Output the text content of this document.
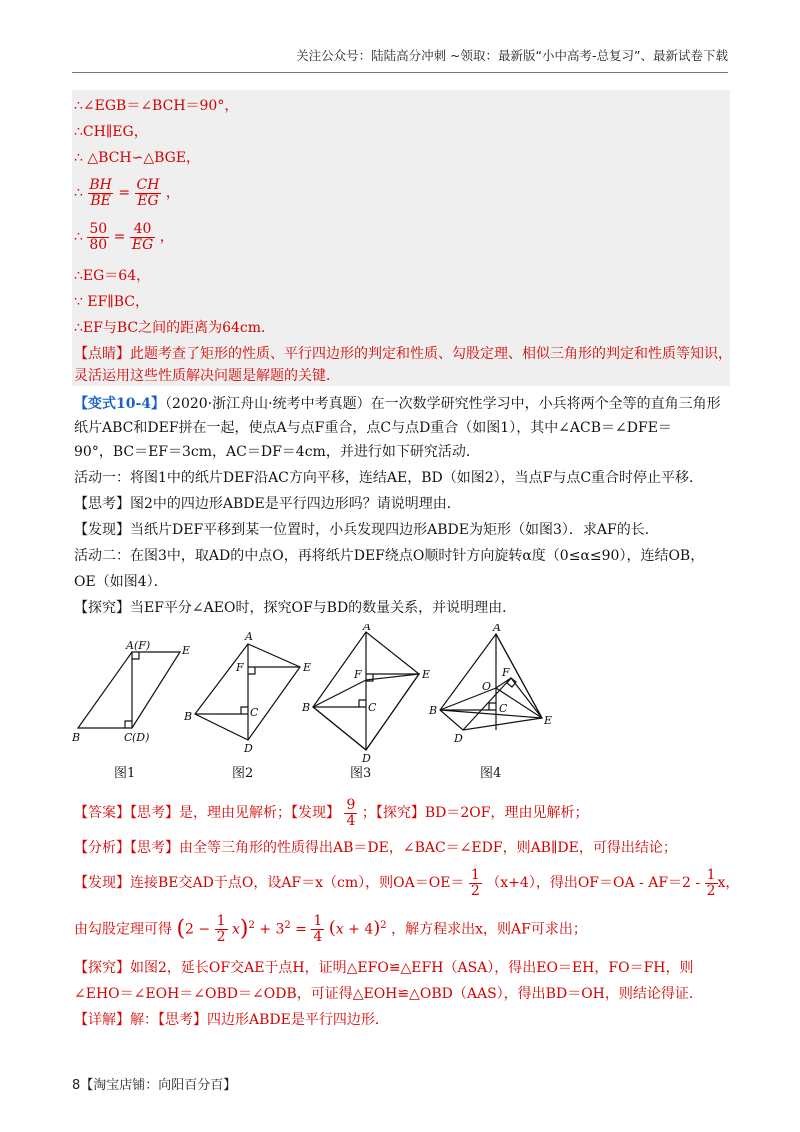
关注公众号：陆陆高分冲刺 ~领取：最新版“小中高考-总复习”、最新试卷下载
∴∠EGB＝∠BCH＝90°，
∴CH∥EG，
∴ △BCH∽△BGE，
∴ $\frac{BH}{BE} = \frac{CH}{EG}$ ，
∴ $\frac{50}{80} = \frac{40}{EG}$ ，
∴EG＝64，
∵ EF∥BC，
∴EF与BC之间的距离为64cm．
【点睛】此题考查了矩形的性质、平行四边形的判定和性质、勾股定理、相似三角形的判定和性质等知识，
灵活运用这些性质解决问题是解题的关键．
【变式10-4】（2020·浙江舟山·统考中考真题）在一次数学研究性学习中，小兵将两个全等的直角三角形
纸片ABC和DEF拼在一起，使点A与点F重合，点C与点D重合（如图1），其中∠ACB＝∠DFE＝
90°，BC＝EF＝3cm，AC＝DF＝4cm，并进行如下研究活动．
活动一：将图1中的纸片DEF沿AC方向平移，连结AE，BD（如图2），当点F与点C重合时停止平移．
【思考】图2中的四边形ABDE是平行四边形吗？请说明理由．
【发现】当纸片DEF平移到某一位置时，小兵发现四边形ABDE为矩形（如图3）．求AF的长．
活动二：在图3中，取AD的中点O，再将纸片DEF绕点O顺时针方向旋转α度（0≤α≤90），连结OB，
OE（如图4）．
【探究】当EF平分∠AEO时，探究OF与BD的数量关系，并说明理由．
A (F)	E
B	C (D)
A
F	E
B	C
D
A
F	E
B	C
D
A
F
O
B	C
D
E
图1	图2	图3	图4
【答案】【思考】是，理由见解析；【发现】 $\frac{9}{4}$ ；【探究】BD＝2OF，理由见解析；
【分析】【思考】由全等三角形的性质得出AB＝DE，∠BAC＝∠EDF，则AB∥DE，可得出结论；
【发现】连接BE交AD于点O，设AF＝x（cm），则$OA=OE= \frac{1}{2} (x+4)$，得出$OF=OA - AF=2 - \frac{1}{2}$ x，
由勾股定理可得 $(2 - \frac{1}{2} x)^2 + 3^2 = \frac{1}{4} (x + 4)^2$ ，解方程求出x，则AF可求出；
【探究】如图2，延长OF交AE于点H，证明△EFO≌△EFH（ASA），得出EO＝EH，FO＝FH，则
∠EHO＝∠EOH＝∠OBD＝∠ODB，可证得△EOH≌△OBD（AAS），得出BD＝OH，则结论得证．
【详解】解：【思考】四边形ABDE是平行四边形．
8【淘宝店铺：向阳百分百】
